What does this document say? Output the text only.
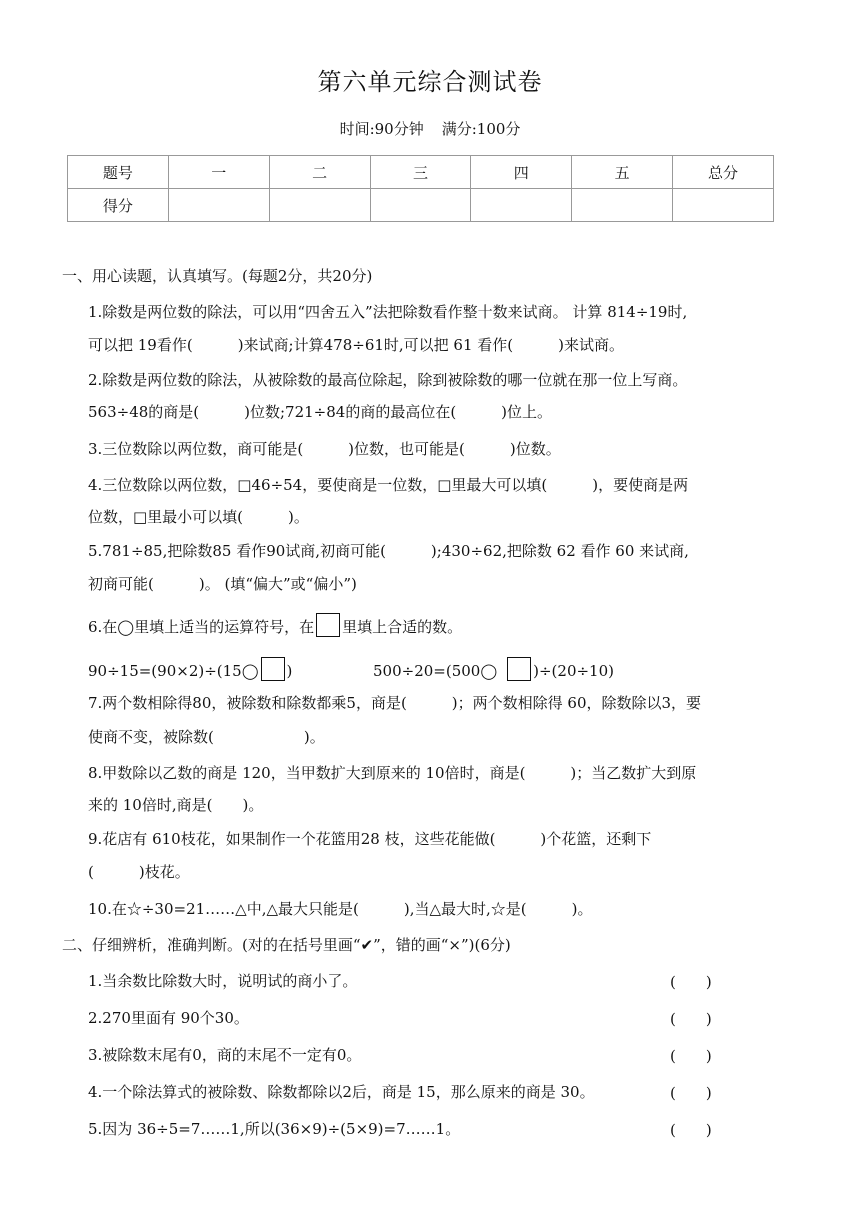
第六单元综合测试卷
时间:90分钟 满分:100分
题号	一	二	三	四	五	总分
得分						
一、用心读题，认真填写。(每题2分，共20分)
1.除数是两位数的除法，可以用“四舍五入”法把除数看作整十数来试商。 计算 814÷19时,
可以把 19看作(　　　)来试商;计算478÷61时,可以把 61 看作(　　　)来试商。
2.除数是两位数的除法，从被除数的最高位除起，除到被除数的哪一位就在那一位上写商。
563÷48的商是(　　　)位数;721÷84的商的最高位在(　　　)位上。
3.三位数除以两位数，商可能是(　　　)位数，也可能是(　　　)位数。
4.三位数除以两位数，□46÷54，要使商是一位数，□里最大可以填(　　　)，要使商是两
位数，□里最小可以填(　　　)。
5.781÷85,把除数85 看作90试商,初商可能(　　　);430÷62,把除数 62 看作 60 来试商,
初商可能(　　　)。 (填“偏大”或“偏小”)
6.在◯里填上适当的运算符号，在 里填上合适的数。
90÷15=(90×2)÷(15◯ )	500÷20=(500◯ )÷(20÷10)
7.两个数相除得80，被除数和除数都乘5，商是(　　　)；两个数相除得 60，除数除以3，要
使商不变，被除数(　　　　　　)。
8.甲数除以乙数的商是 120，当甲数扩大到原来的 10倍时，商是(　　　)；当乙数扩大到原
来的 10倍时,商是(　　)。
9.花店有 610枝花，如果制作一个花篮用28 枝，这些花能做(　　　)个花篮，还剩下
(　　　)枝花。
10.在☆÷30=21……△中,△最大只能是(　　　),当△最大时,☆是(　　　)。
二、仔细辨析，准确判断。(对的在括号里画“✔”，错的画“×”)(6分)
1.当余数比除数大时，说明试的商小了。	(　　)
2.270里面有 90个30。	(　　)
3.被除数末尾有0，商的末尾不一定有0。	(　　)
4.一个除法算式的被除数、除数都除以2后，商是 15，那么原来的商是 30。	(　　)
5.因为 36÷5=7……1,所以(36×9)÷(5×9)=7……1。	(　　)
